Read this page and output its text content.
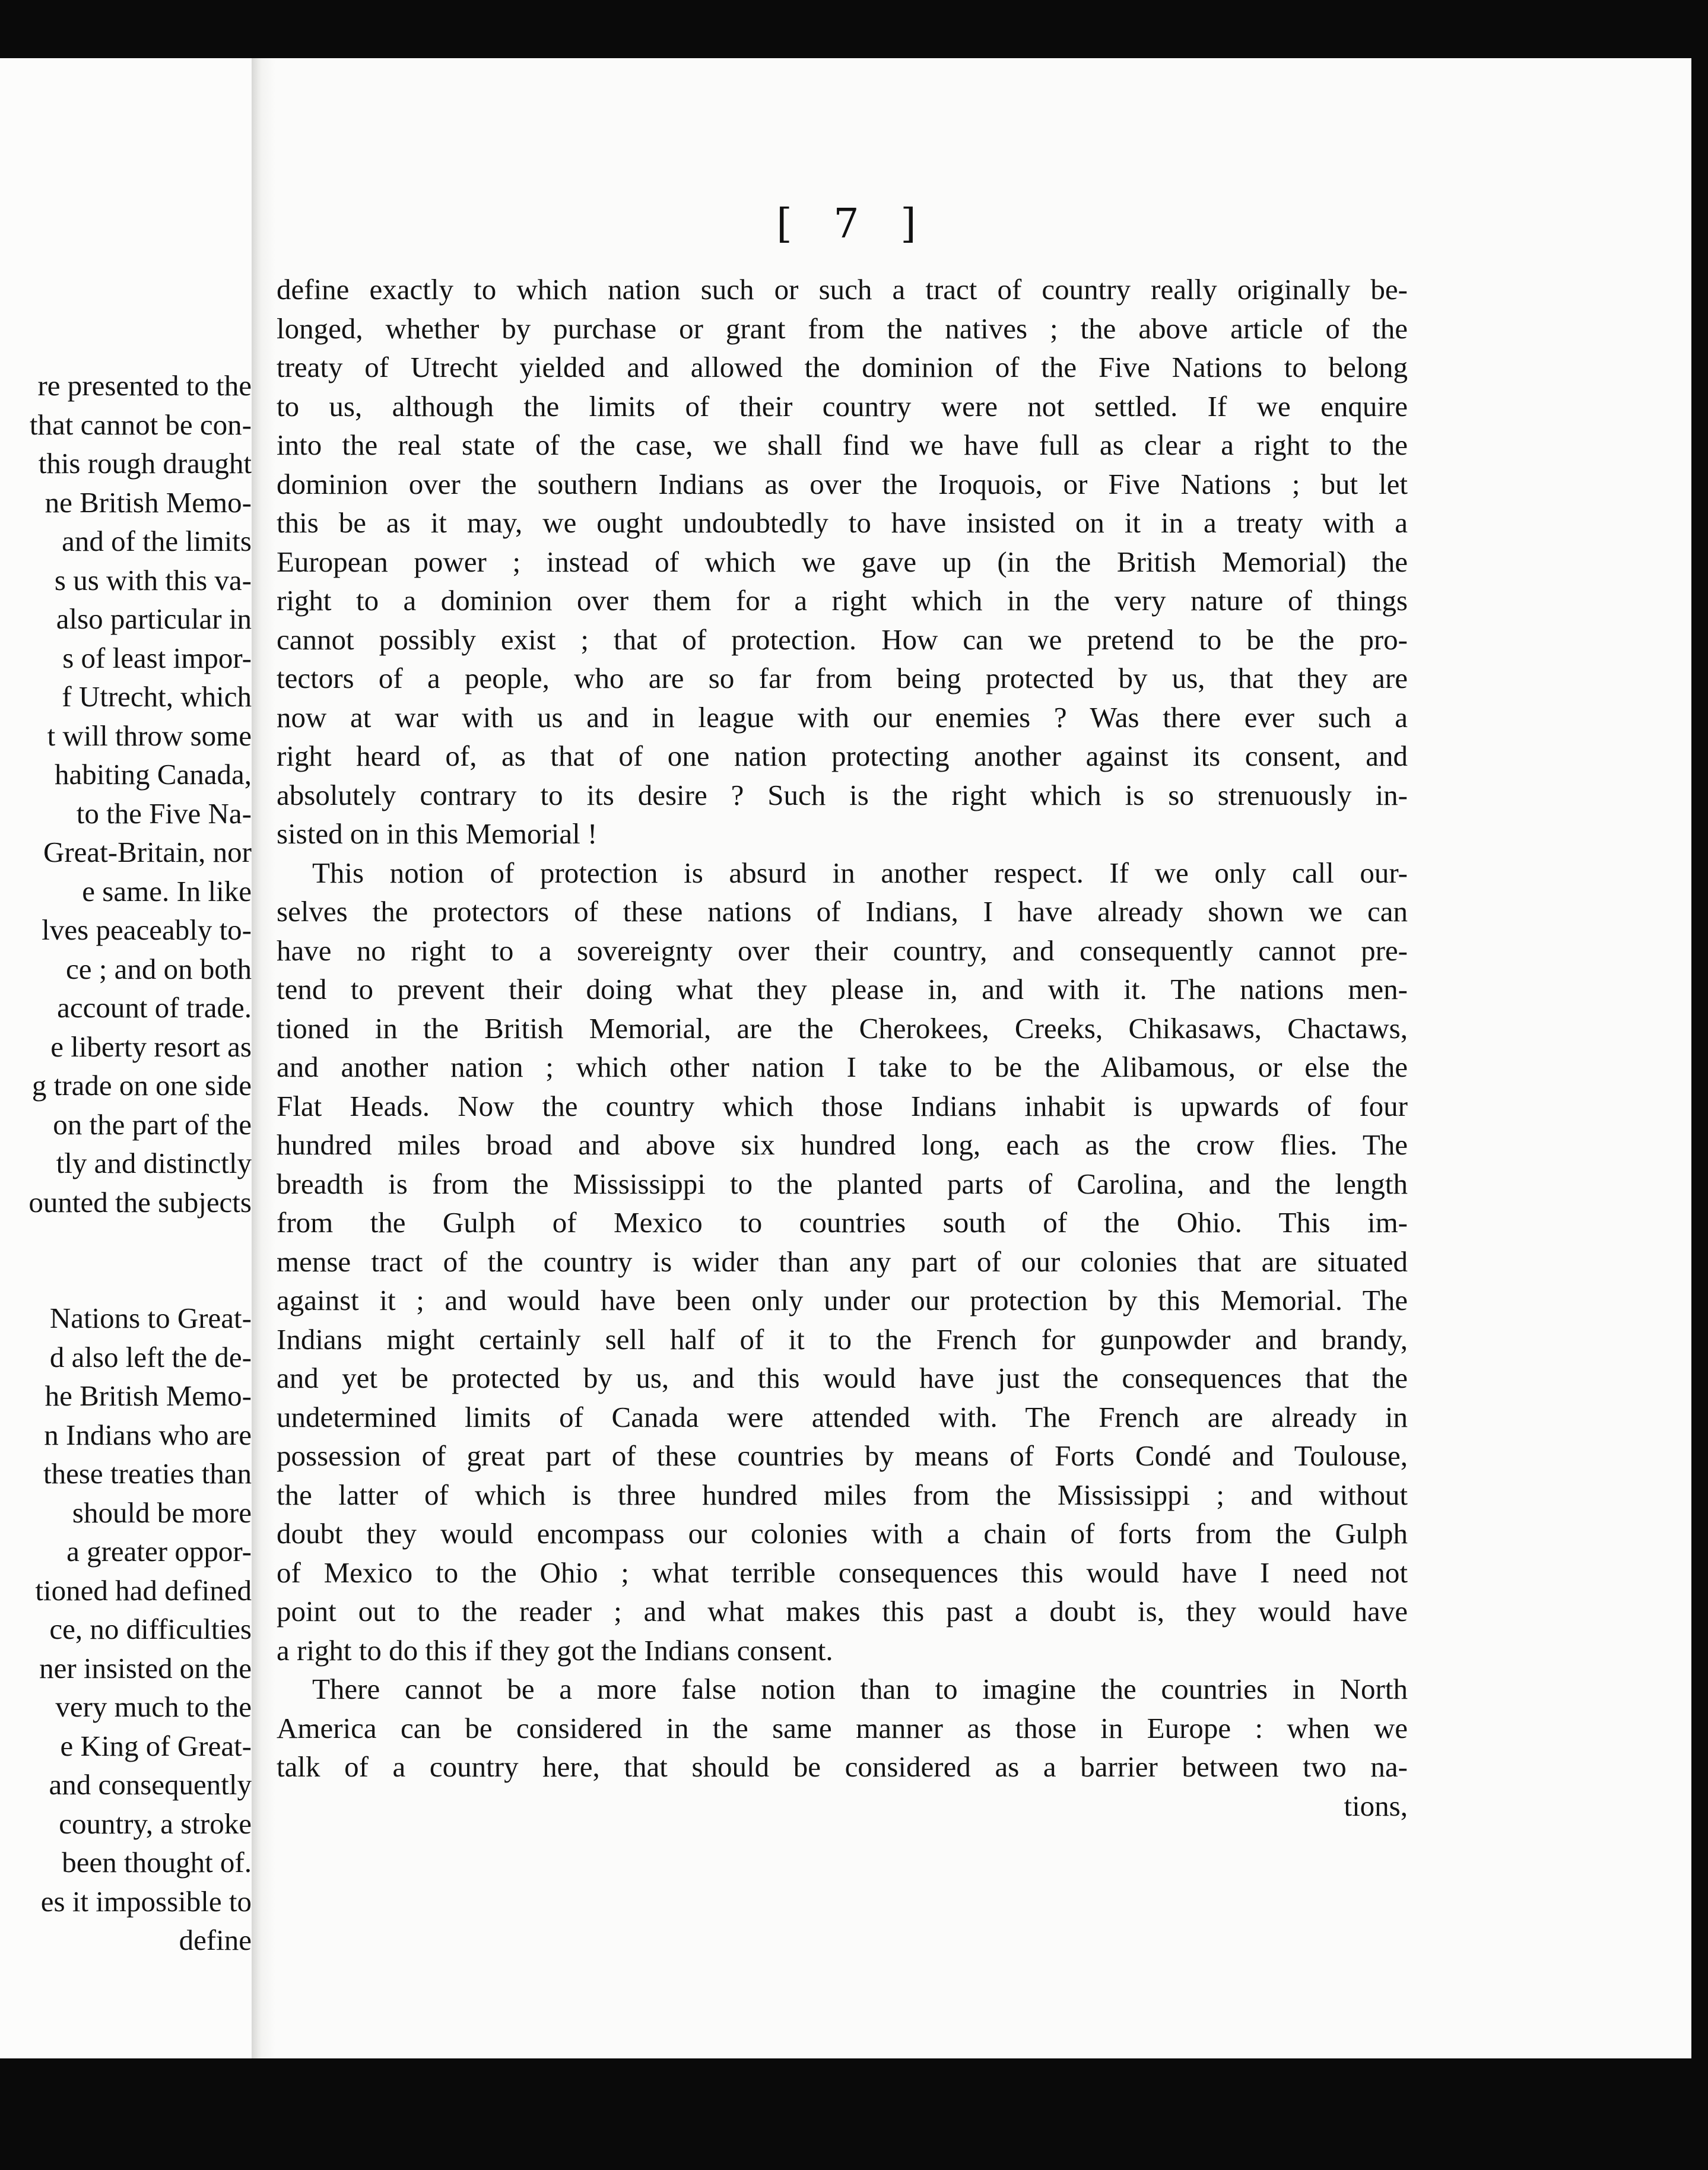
re presented to the
that cannot be con-
this rough draught
ne British Memo-
and of the limits
s us with this va-
also particular in
s of least impor-
f Utrecht, which
t will throw some
habiting Canada,
to the Five Na-
Great-Britain, nor
e same. In like
lves peaceably to-
ce ; and on both
account of trade.
e liberty resort as
g trade on one side
on the part of the
tly and distinctly
ounted the subjects
Nations to Great-
d also left the de-
he British Memo-
n Indians who are
these treaties than
should be more
a greater oppor-
tioned had defined
ce, no difficulties
ner insisted on the
very much to the
e King of Great-
and consequently
country, a stroke
been thought of.
es it impossible to
define
[ 7 ]
define exactly to which nation such or such a tract of country really originally be-
longed, whether by purchase or grant from the natives ; the above article of the
treaty of Utrecht yielded and allowed the dominion of the Five Nations to belong
to us, although the limits of their country were not settled. If we enquire
into the real state of the case, we shall find we have full as clear a right to the
dominion over the southern Indians as over the Iroquois, or Five Nations ; but let
this be as it may, we ought undoubtedly to have insisted on it in a treaty with a
European power ; instead of which we gave up (in the British Memorial) the
right to a dominion over them for a right which in the very nature of things
cannot possibly exist ; that of protection. How can we pretend to be the pro-
tectors of a people, who are so far from being protected by us, that they are
now at war with us and in league with our enemies ? Was there ever such a
right heard of, as that of one nation protecting another against its consent, and
absolutely contrary to its desire ? Such is the right which is so strenuously in-
sisted on in this Memorial !
This notion of protection is absurd in another respect. If we only call our-
selves the protectors of these nations of Indians, I have already shown we can
have no right to a sovereignty over their country, and consequently cannot pre-
tend to prevent their doing what they please in, and with it. The nations men-
tioned in the British Memorial, are the Cherokees, Creeks, Chikasaws, Chactaws,
and another nation ; which other nation I take to be the Alibamous, or else the
Flat Heads. Now the country which those Indians inhabit is upwards of four
hundred miles broad and above six hundred long, each as the crow flies. The
breadth is from the Mississippi to the planted parts of Carolina, and the length
from the Gulph of Mexico to countries south of the Ohio. This im-
mense tract of the country is wider than any part of our colonies that are situated
against it ; and would have been only under our protection by this Memorial. The
Indians might certainly sell half of it to the French for gunpowder and brandy,
and yet be protected by us, and this would have just the consequences that the
undetermined limits of Canada were attended with. The French are already in
possession of great part of these countries by means of Forts Condé and Toulouse,
the latter of which is three hundred miles from the Mississippi ; and without
doubt they would encompass our colonies with a chain of forts from the Gulph
of Mexico to the Ohio ; what terrible consequences this would have I need not
point out to the reader ; and what makes this past a doubt is, they would have
a right to do this if they got the Indians consent.
There cannot be a more false notion than to imagine the countries in North
America can be considered in the same manner as those in Europe : when we
talk of a country here, that should be considered as a barrier between two na-
tions,
